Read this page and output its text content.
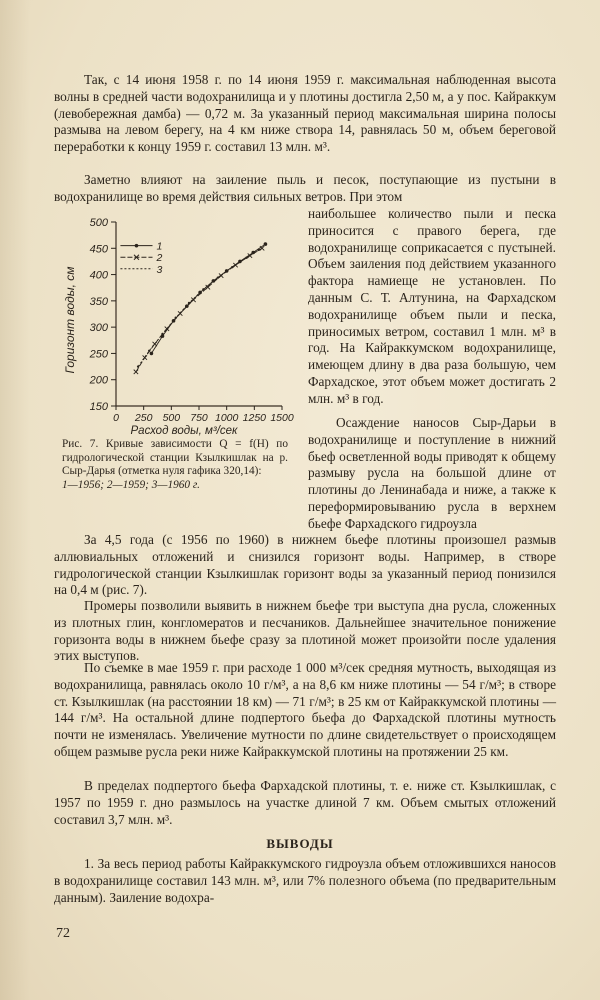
Так, с 14 июня 1958 г. по 14 июня 1959 г. максимальная наблюденная высота волны в средней части водохранилища и у плотины достигла 2,50 м, а у пос. Кайраккум (левобережная дамба) — 0,72 м. За указанный период максимальная ширина полосы размыва на левом берегу, на 4 км ниже створа 14, равнялась 50 м, объем береговой переработки к концу 1959 г. составил 13 млн. м³.

Заметно влияют на заиление пыль и песок, поступающие из пустыни в водохранилище во время действия сильных ветров. При этом

150
200
250
300
350
400
450
500
0 250 500 750 1000 1250 1500
1
2
3
Горизонт воды, см
Расход воды, м³/сек

Рис. 7. Кривые зависимости Q = f(H) по гидрологической станции Кзылкишлак на р. Сыр-Дарья (отметка нуля гафика 320,14):
1—1956; 2—1959; 3—1960 г.

наибольшее количество пыли и песка приносится с правого берега, где водохранилище соприкасается с пустыней. Объем заиления под действием указанного фактора намиеще не установлен. По данным С. Т. Алтунина, на Фархадском водохранилище объем пыли и песка, приносимых ветром, составил 1 млн. м³ в год. На Кайраккумском водохранилище, имеющем длину в два раза большую, чем Фархадское, этот объем может достигать 2 млн. м³ в год.

Осаждение наносов Сыр-Дарьи в водохранилище и поступление в нижний бьеф осветленной воды приводят к общему размыву русла на большой длине от плотины до Ленинабада и ниже, а также к переформировыванию русла в верхнем бьефе Фархадского гидроузла

За 4,5 года (с 1956 по 1960) в нижнем бьефе плотины произошел размыв аллювиальных отложений и снизился горизонт воды. Например, в створе гидрологической станции Кзылкишлак горизонт воды за указанный период понизился на 0,4 м (рис. 7).

Промеры позволили выявить в нижнем бьефе три выступа дна русла, сложенных из плотных глин, конгломератов и песчаников. Дальнейшее значительное понижение горизонта воды в нижнем бьефе сразу за плотиной может произойти после удаления этих выступов.

По съемке в мае 1959 г. при расходе 1 000 м³/сек средняя мутность, выходящая из водохранилища, равнялась около 10 г/м³, а на 8,6 км ниже плотины — 54 г/м³; в створе ст. Кзылкишлак (на расстоянии 18 км) — 71 г/м³; в 25 км от Кайраккумской плотины — 144 г/м³. На остальной длине подпертого бьефа до Фархадской плотины мутность почти не изменялась. Увеличение мутности по длине свидетельствует о происходящем общем размыве русла реки ниже Кайраккумской плотины на протяжении 25 км.

В пределах подпертого бьефа Фархадской плотины, т. е. ниже ст. Кзылкишлак, с 1957 по 1959 г. дно размылось на участке длиной 7 км. Объем смытых отложений составил 3,7 млн. м³.

ВЫВОДЫ

1. За весь период работы Кайраккумского гидроузла объем отложившихся наносов в водохранилище составил 143 млн. м³, или 7% полезного объема (по предварительным данным). Заиление водохра-

72
